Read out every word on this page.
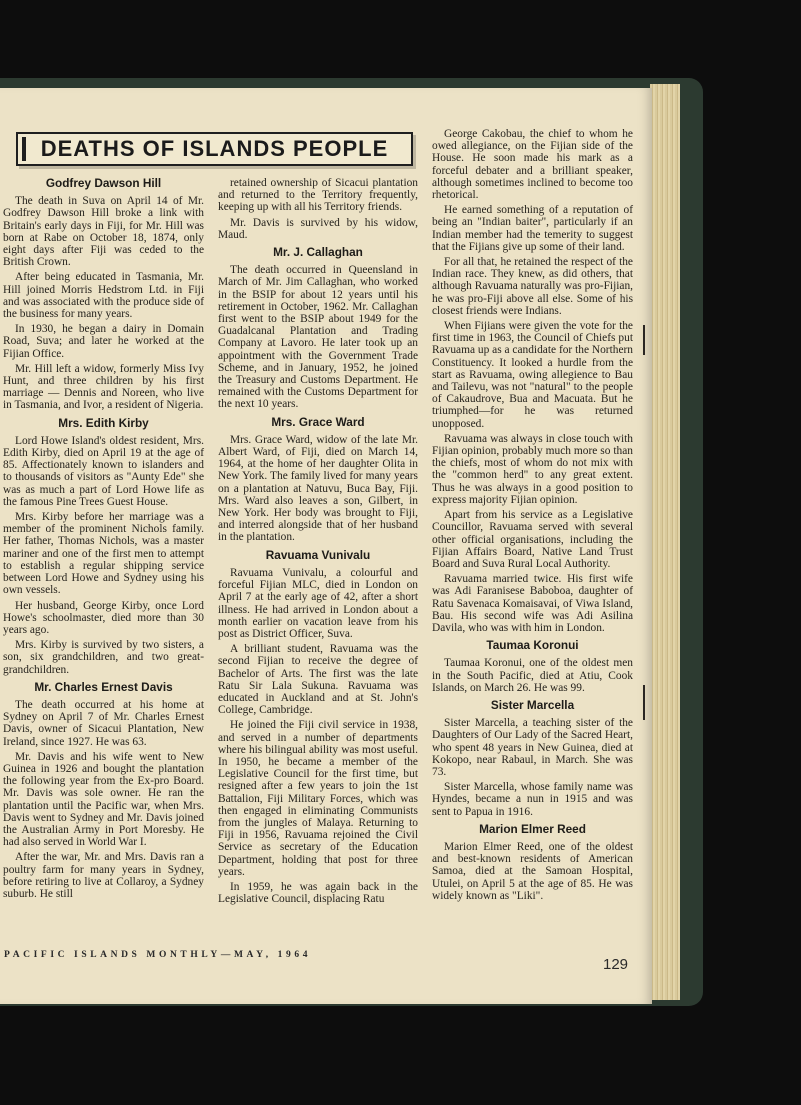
DEATHS OF ISLANDS PEOPLE
Godfrey Dawson Hill

The death in Suva on April 14 of Mr. Godfrey Dawson Hill broke a link with Britain's early days in Fiji, for Mr. Hill was born at Rabe on October 18, 1874, only eight days after Fiji was ceded to the British Crown.

After being educated in Tasmania, Mr. Hill joined Morris Hedstrom Ltd. in Fiji and was associated with the produce side of the business for many years.

In 1930, he began a dairy in Domain Road, Suva; and later he worked at the Fijian Office.

Mr. Hill left a widow, formerly Miss Ivy Hunt, and three children by his first marriage — Dennis and Noreen, who live in Tasmania, and Ivor, a resident of Nigeria.

Mrs. Edith Kirby

Lord Howe Island's oldest resident, Mrs. Edith Kirby, died on April 19 at the age of 85. Affectionately known to islanders and to thousands of visitors as "Aunty Ede" she was as much a part of Lord Howe life as the famous Pine Trees Guest House.

Mrs. Kirby before her marriage was a member of the prominent Nichols family. Her father, Thomas Nichols, was a master mariner and one of the first men to attempt to establish a regular shipping service between Lord Howe and Sydney using his own vessels.

Her husband, George Kirby, once Lord Howe's schoolmaster, died more than 30 years ago.

Mrs. Kirby is survived by two sisters, a son, six grandchildren, and two great-grandchildren.

Mr. Charles Ernest Davis

The death occurred at his home at Sydney on April 7 of Mr. Charles Ernest Davis, owner of Sicacui Plantation, New Ireland, since 1927. He was 63.

Mr. Davis and his wife went to New Guinea in 1926 and bought the plantation the following year from the Ex-pro Board. Mr. Davis was sole owner. He ran the plantation until the Pacific war, when Mrs. Davis went to Sydney and Mr. Davis joined the Australian Army in Port Moresby. He had also served in World War I.

After the war, Mr. and Mrs. Davis ran a poultry farm for many years in Sydney, before retiring to live at Collaroy, a Sydney suburb. He still

retained ownership of Sicacui plantation and returned to the Territory frequently, keeping up with all his Territory friends.

Mr. Davis is survived by his widow, Maud.

Mr. J. Callaghan

The death occurred in Queensland in March of Mr. Jim Callaghan, who worked in the BSIP for about 12 years until his retirement in October, 1962. Mr. Callaghan first went to the BSIP about 1949 for the Guadalcanal Plantation and Trading Company at Lavoro. He later took up an appointment with the Government Trade Scheme, and in January, 1952, he joined the Treasury and Customs Department. He remained with the Customs Department for the next 10 years.

Mrs. Grace Ward

Mrs. Grace Ward, widow of the late Mr. Albert Ward, of Fiji, died on March 14, 1964, at the home of her daughter Olita in New York. The family lived for many years on a plantation at Natuvu, Buca Bay, Fiji. Mrs. Ward also leaves a son, Gilbert, in New York. Her body was brought to Fiji, and interred alongside that of her husband in the plantation.

Ravuama Vunivalu

Ravuama Vunivalu, a colourful and forceful Fijian MLC, died in London on April 7 at the early age of 42, after a short illness. He had arrived in London about a month earlier on vacation leave from his post as District Officer, Suva.

A brilliant student, Ravuama was the second Fijian to receive the degree of Bachelor of Arts. The first was the late Ratu Sir Lala Sukuna. Ravuama was educated in Auckland and at St. John's College, Cambridge.

He joined the Fiji civil service in 1938, and served in a number of departments where his bilingual ability was most useful. In 1950, he became a member of the Legislative Council for the first time, but resigned after a few years to join the 1st Battalion, Fiji Military Forces, which was then engaged in eliminating Communists from the jungles of Malaya. Returning to Fiji in 1956, Ravuama rejoined the Civil Service as secretary of the Education Department, holding that post for three years.

In 1959, he was again back in the Legislative Council, displacing Ratu

George Cakobau, the chief to whom he owed allegiance, on the Fijian side of the House. He soon made his mark as a forceful debater and a brilliant speaker, although sometimes inclined to become too rhetorical.

He earned something of a reputation of being an "Indian baiter", particularly if an Indian member had the temerity to suggest that the Fijians give up some of their land.

For all that, he retained the respect of the Indian race. They knew, as did others, that although Ravuama naturally was pro-Fijian, he was pro-Fiji above all else. Some of his closest friends were Indians.

When Fijians were given the vote for the first time in 1963, the Council of Chiefs put Ravuama up as a candidate for the Northern Constituency. It looked a hurdle from the start as Ravuama, owing allegience to Bau and Tailevu, was not "natural" to the people of Cakaudrove, Bua and Macuata. But he triumphed—for he was returned unopposed.

Ravuama was always in close touch with Fijian opinion, probably much more so than the chiefs, most of whom do not mix with the "common herd" to any great extent. Thus he was always in a good position to express majority Fijian opinion.

Apart from his service as a Legislative Councillor, Ravuama served with several other official organisations, including the Fijian Affairs Board, Native Land Trust Board and Suva Rural Local Authority.

Ravuama married twice. His first wife was Adi Faranisese Baboboa, daughter of Ratu Savenaca Komaisavai, of Viwa Island, Bau. His second wife was Adi Asilina Davila, who was with him in London.

Taumaa Koronui

Taumaa Koronui, one of the oldest men in the South Pacific, died at Atiu, Cook Islands, on March 26. He was 99.

Sister Marcella

Sister Marcella, a teaching sister of the Daughters of Our Lady of the Sacred Heart, who spent 48 years in New Guinea, died at Kokopo, near Rabaul, in March. She was 73.

Sister Marcella, whose family name was Hyndes, became a nun in 1915 and was sent to Papua in 1916.

Marion Elmer Reed

Marion Elmer Reed, one of the oldest and best-known residents of American Samoa, died at the Samoan Hospital, Utulei, on April 5 at the age of 85. He was widely known as "Liki".

PACIFIC ISLANDS MONTHLY—MAY, 1964
129
